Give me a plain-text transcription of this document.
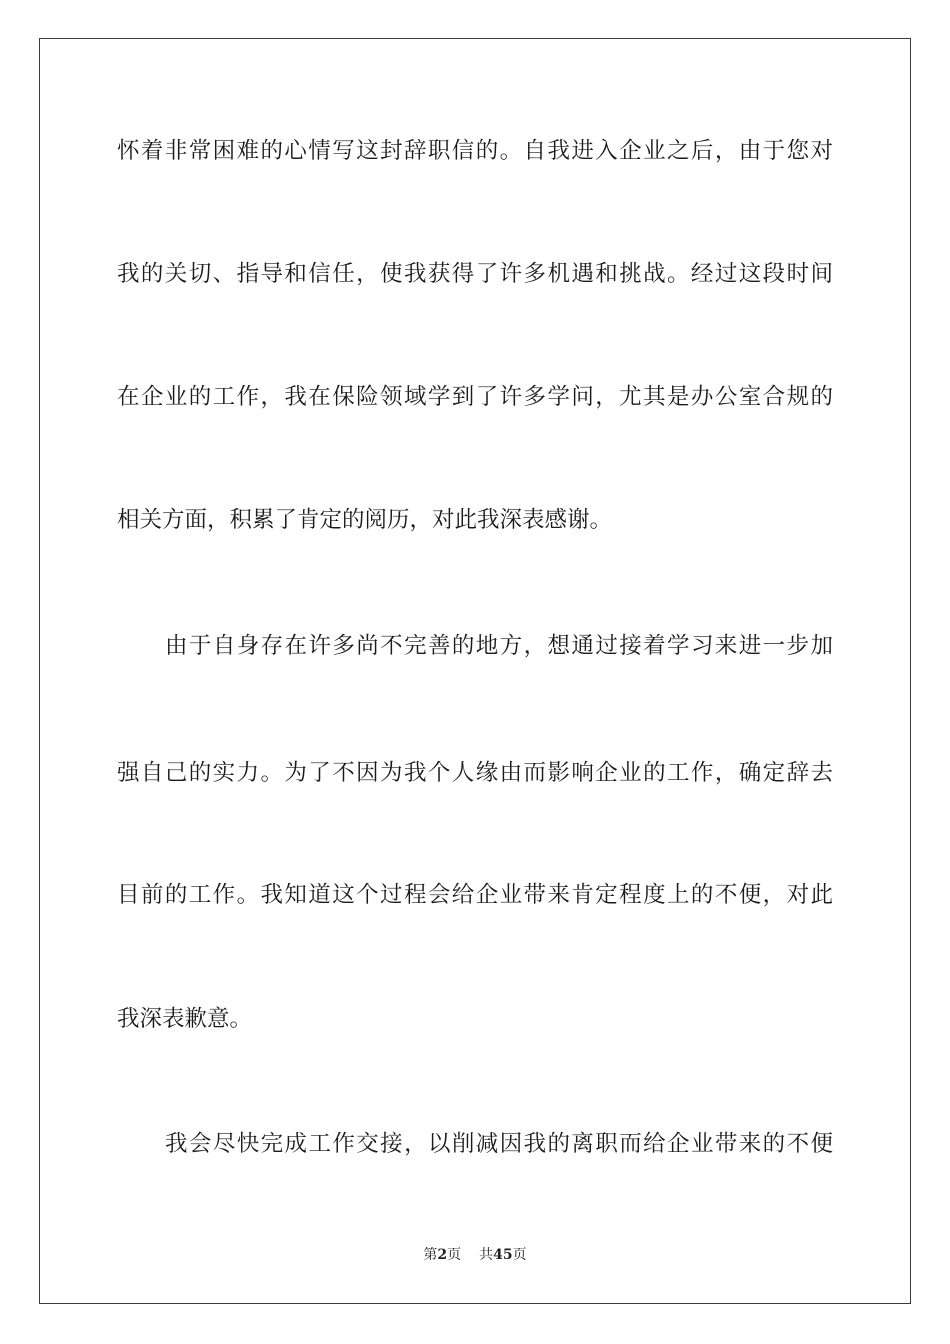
怀着非常困难的心情写这封辞职信的。自我进入企业之后，由于您对
我的关切、指导和信任，使我获得了许多机遇和挑战。经过这段时间
在企业的工作，我在保险领域学到了许多学问，尤其是办公室合规的
相关方面，积累了肯定的阅历，对此我深表感谢。
由于自身存在许多尚不完善的地方，想通过接着学习来进一步加
强自己的实力。为了不因为我个人缘由而影响企业的工作，确定辞去
目前的工作。我知道这个过程会给企业带来肯定程度上的不便，对此
我深表歉意。
我会尽快完成工作交接，以削减因我的离职而给企业带来的不便
第2页 共45页
